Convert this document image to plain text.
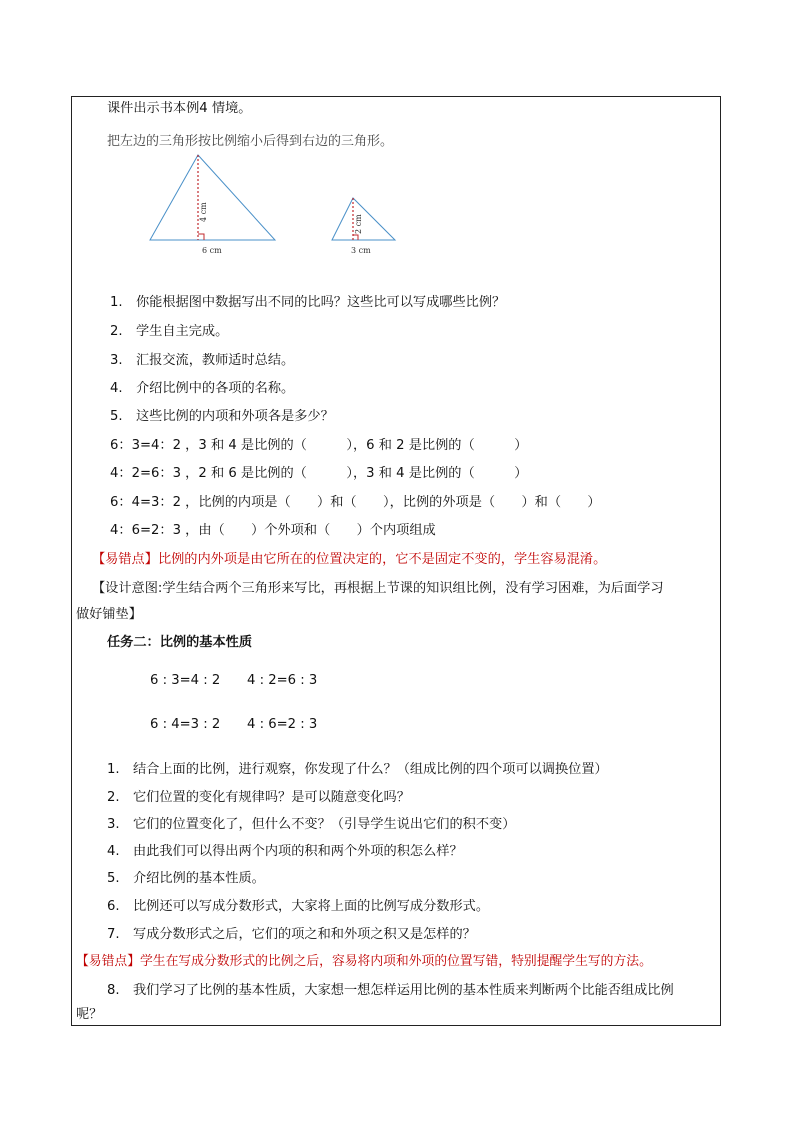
课件出示书本例4 情境。
把左边的三角形按比例缩小后得到右边的三角形。
4 cm
6 cm
2 cm
3 cm
1. 你能根据图中数据写出不同的比吗？这些比可以写成哪些比例？
2. 学生自主完成。
3. 汇报交流，教师适时总结。
4. 介绍比例中的各项的名称。
5. 这些比例的内项和外项各是多少？
6：3=4：2 ，3 和 4 是比例的（　　　），6 和 2 是比例的（　　　）
4：2=6：3 ，2 和 6 是比例的（　　　），3 和 4 是比例的（　　　）
6：4=3：2 ，比例的内项是（　　）和（　　），比例的外项是（　　）和（　　）
4：6=2：3 ，由（　　）个外项和（　　）个内项组成
【易错点】比例的内外项是由它所在的位置决定的，它不是固定不变的，学生容易混淆。
【设计意图:学生结合两个三角形来写比，再根据上节课的知识组比例，没有学习困难，为后面学习
做好铺垫】
任务二：比例的基本性质
6 : 3=4 : 2 4 : 2=6 : 3
6 : 4=3 : 2 4 : 6=2 : 3
1. 结合上面的比例，进行观察，你发现了什么？（组成比例的四个项可以调换位置）
2. 它们位置的变化有规律吗？是可以随意变化吗？
3. 它们的位置变化了，但什么不变？（引导学生说出它们的积不变）
4. 由此我们可以得出两个内项的积和两个外项的积怎么样？
5. 介绍比例的基本性质。
6. 比例还可以写成分数形式，大家将上面的比例写成分数形式。
7. 写成分数形式之后，它们的项之和和外项之积又是怎样的？
【易错点】学生在写成分数形式的比例之后，容易将内项和外项的位置写错，特别提醒学生写的方法。
8. 我们学习了比例的基本性质，大家想一想怎样运用比例的基本性质来判断两个比能否组成比例
呢？
